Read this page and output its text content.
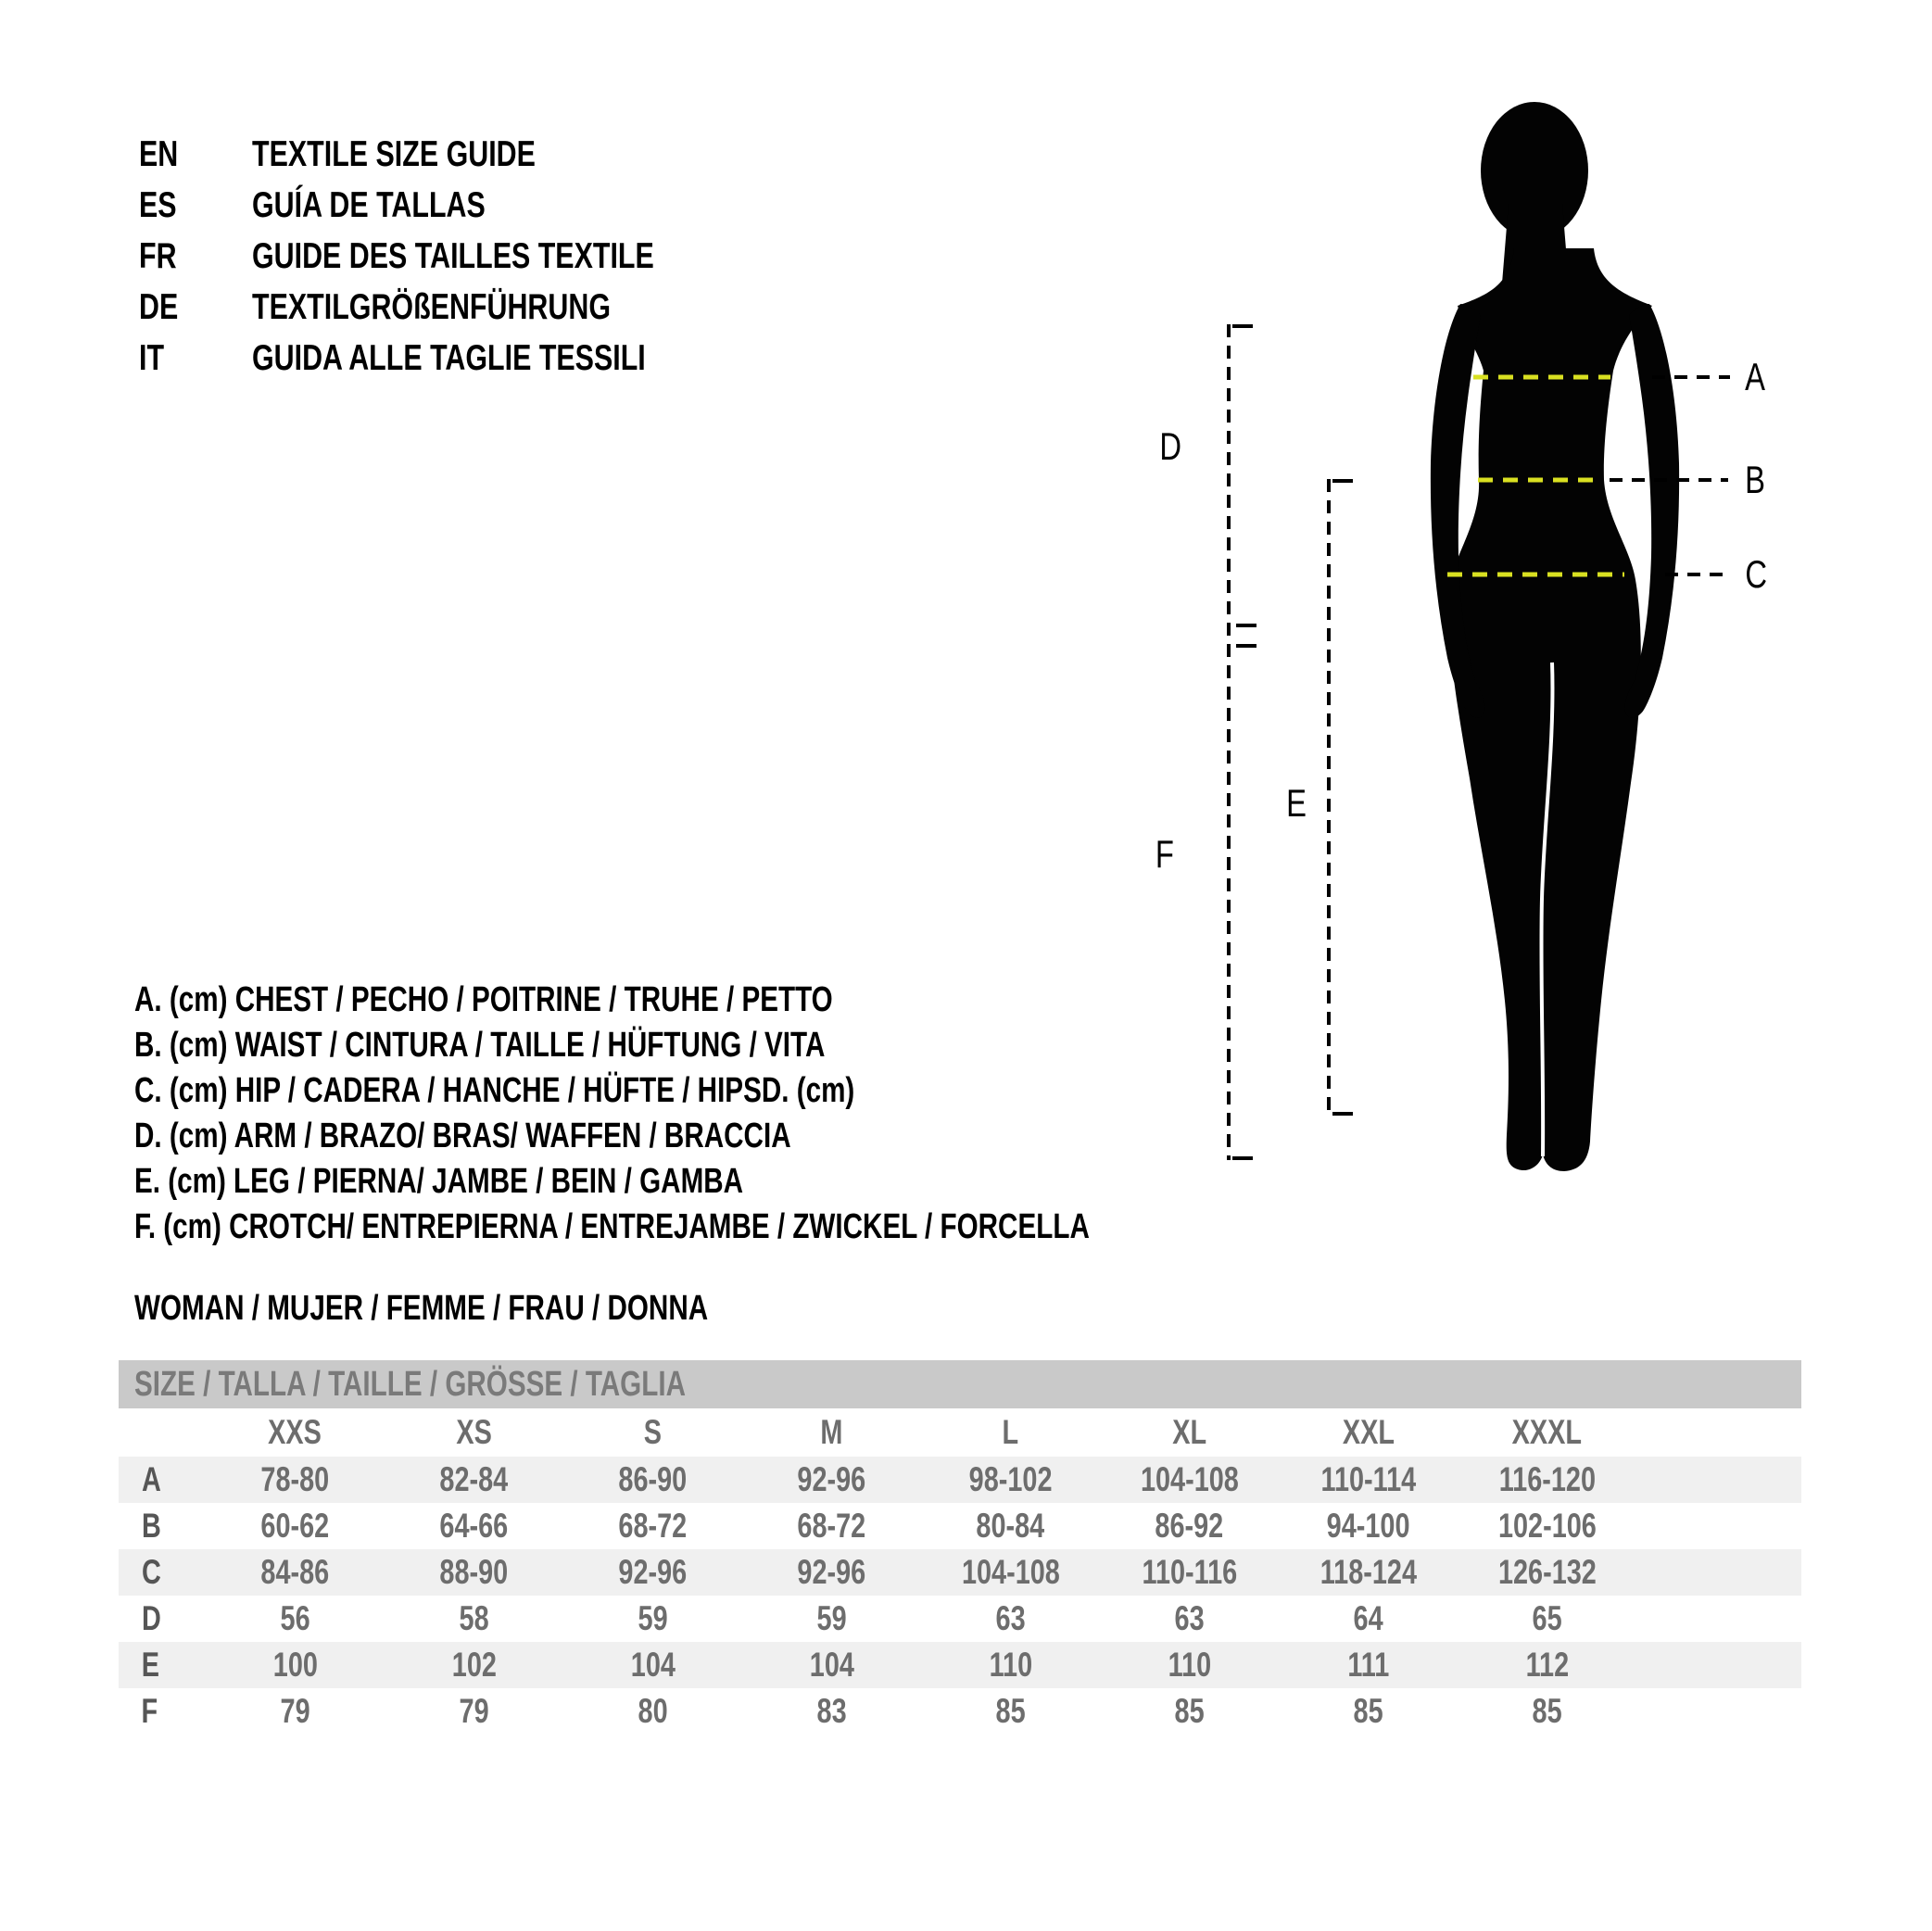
EN	TEXTILE SIZE GUIDE
ES	GUÍA DE TALLAS
FR	GUIDE DES TAILLES TEXTILE
DE	TEXTILGRÖßENFÜHRUNG
IT	GUIDA ALLE TAGLIE TESSILI	A
B
C
D
E
F
A. (cm) CHEST / PECHO / POITRINE / TRUHE / PETTO
B. (cm) WAIST / CINTURA / TAILLE / HÜFTUNG / VITA
C. (cm) HIP / CADERA / HANCHE / HÜFTE / HIPSD. (cm)
D. (cm) ARM / BRAZO/ BRAS/ WAFFEN / BRACCIA
E. (cm) LEG / PIERNA/ JAMBE / BEIN / GAMBA
F. (cm) CROTCH/ ENTREPIERNA / ENTREJAMBE / ZWICKEL / FORCELLA
WOMAN / MUJER / FEMME / FRAU / DONNA
SIZE / TALLA / TAILLE / GRÖSSE / TAGLIA
	XXS	XS	S	M	L	XL	XXL	XXXL	
A	78-80	82-84	86-90	92-96	98-102	104-108	110-114	116-120	
B	60-62	64-66	68-72	68-72	80-84	86-92	94-100	102-106	
C	84-86	88-90	92-96	92-96	104-108	110-116	118-124	126-132	
D	56	58	59	59	63	63	64	65	
E	100	102	104	104	110	110	111	112	
F	79	79	80	83	85	85	85	85	
